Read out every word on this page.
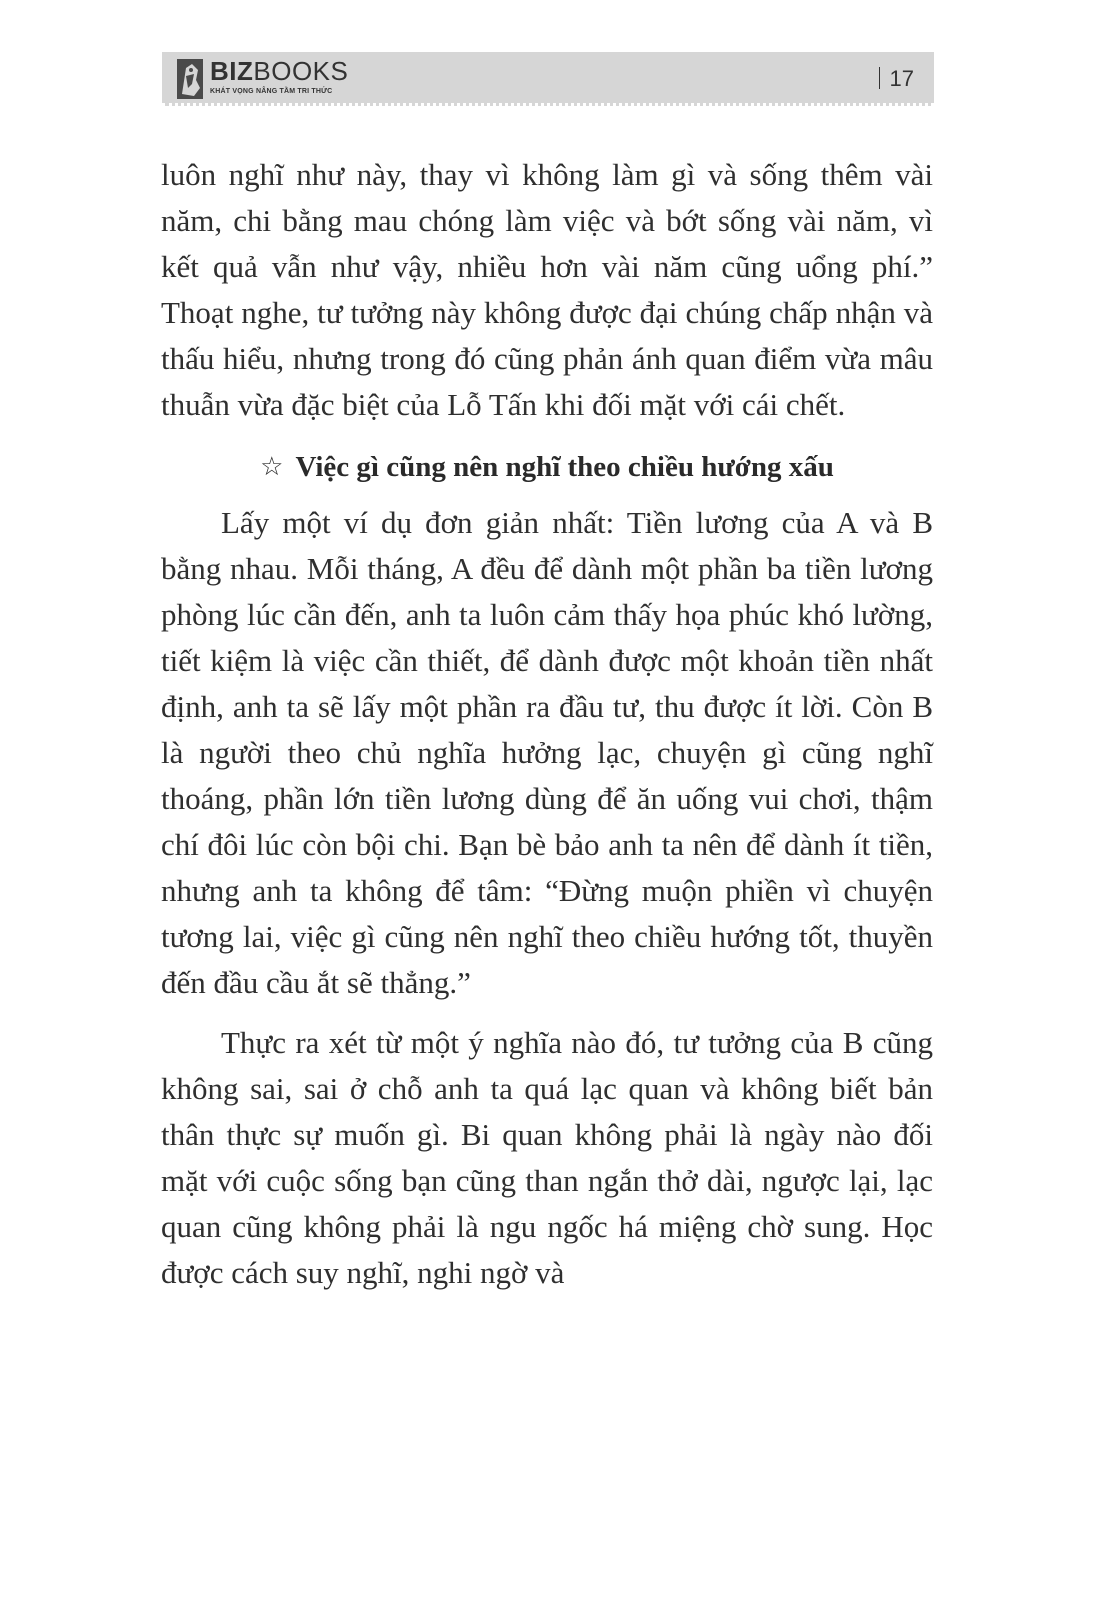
BIZBOOKS
KHÁT VỌNG NÂNG TẦM TRI THỨC
17

luôn nghĩ như này, thay vì không làm gì và sống thêm vài năm, chi bằng mau chóng làm việc và bớt sống vài năm, vì kết quả vẫn như vậy, nhiều hơn vài năm cũng uổng phí.” Thoạt nghe, tư tưởng này không được đại chúng chấp nhận và thấu hiểu, nhưng trong đó cũng phản ánh quan điểm vừa mâu thuẫn vừa đặc biệt của Lỗ Tấn khi đối mặt với cái chết.

☆ Việc gì cũng nên nghĩ theo chiều hướng xấu

Lấy một ví dụ đơn giản nhất: Tiền lương của A và B bằng nhau. Mỗi tháng, A đều để dành một phần ba tiền lương phòng lúc cần đến, anh ta luôn cảm thấy họa phúc khó lường, tiết kiệm là việc cần thiết, để dành được một khoản tiền nhất định, anh ta sẽ lấy một phần ra đầu tư, thu được ít lời. Còn B là người theo chủ nghĩa hưởng lạc, chuyện gì cũng nghĩ thoáng, phần lớn tiền lương dùng để ăn uống vui chơi, thậm chí đôi lúc còn bội chi. Bạn bè bảo anh ta nên để dành ít tiền, nhưng anh ta không để tâm: “Đừng muộn phiền vì chuyện tương lai, việc gì cũng nên nghĩ theo chiều hướng tốt, thuyền đến đầu cầu ắt sẽ thẳng.”

Thực ra xét từ một ý nghĩa nào đó, tư tưởng của B cũng không sai, sai ở chỗ anh ta quá lạc quan và không biết bản thân thực sự muốn gì. Bi quan không phải là ngày nào đối mặt với cuộc sống bạn cũng than ngắn thở dài, ngược lại, lạc quan cũng không phải là ngu ngốc há miệng chờ sung. Học được cách suy nghĩ, nghi ngờ và
